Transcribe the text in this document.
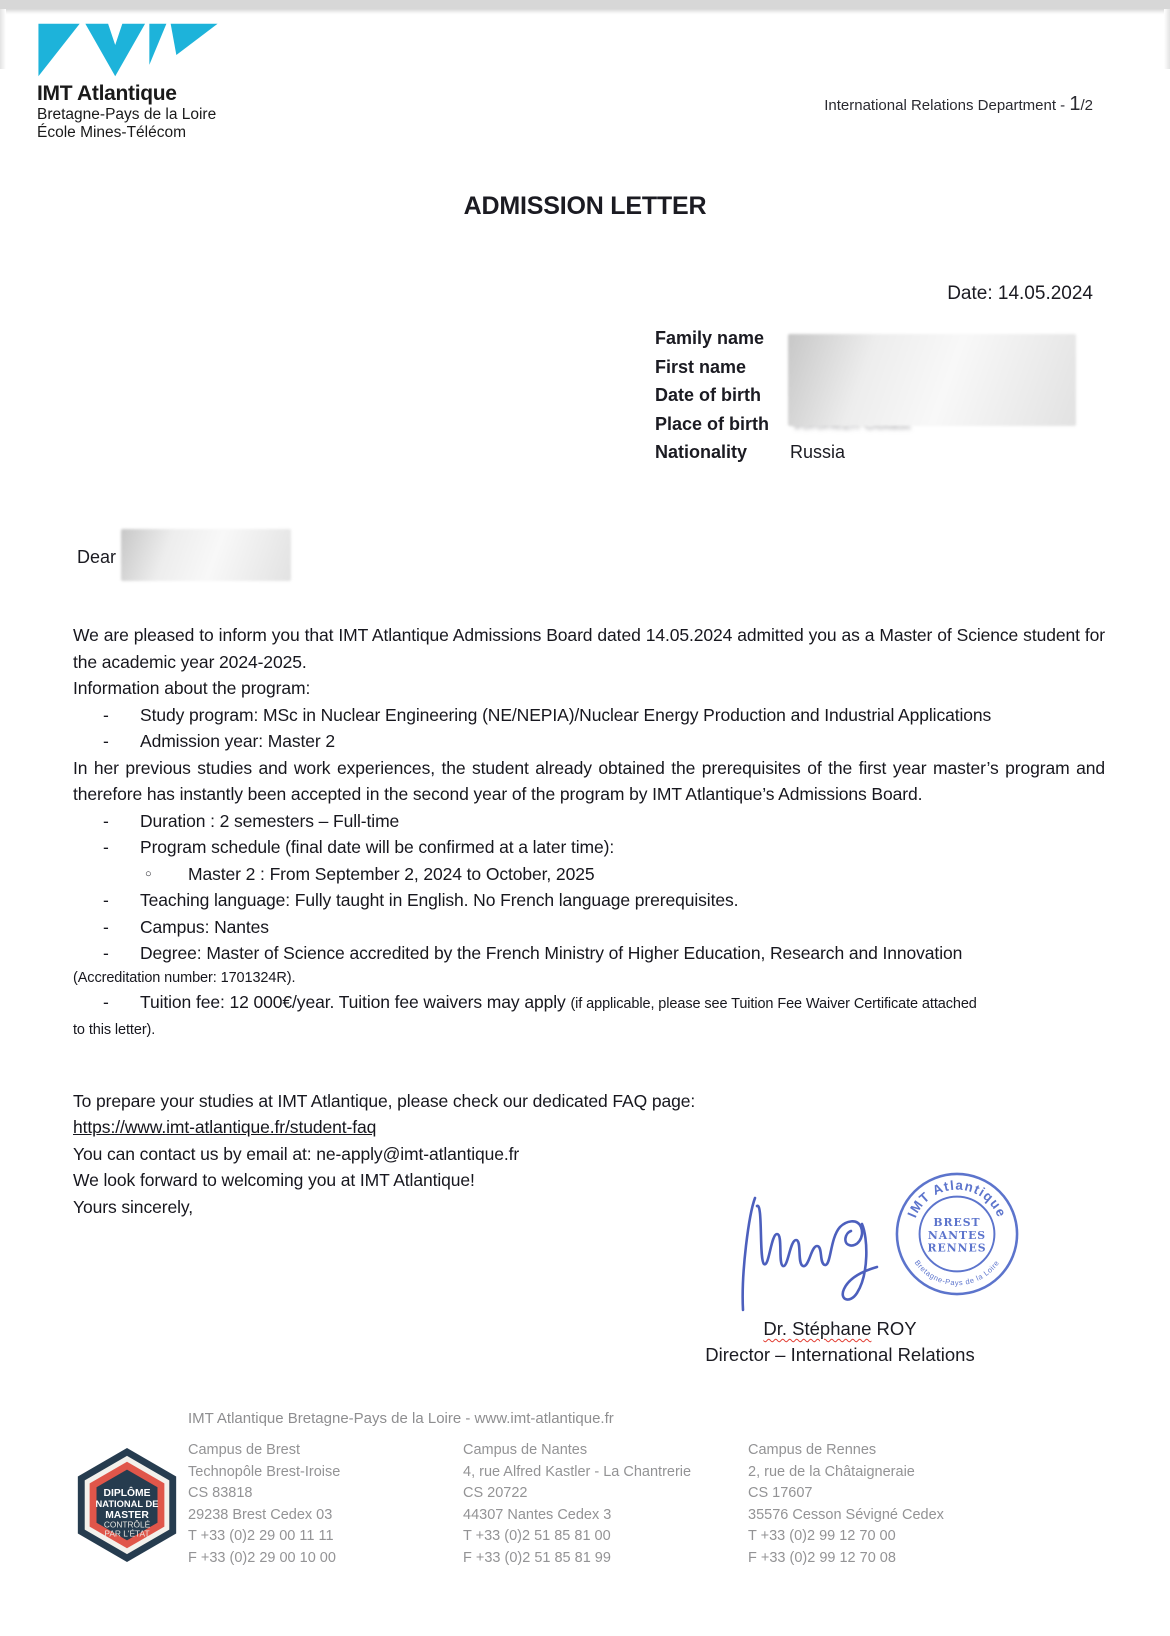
IMT Atlantique
Bretagne-Pays de la Loire
École Mines-Télécom
International Relations Department - 1/2
ADMISSION LETTER
Date: 14.05.2024
Family name
First name
Date of birth
Place of birth
Nationality	Russia
Dear

We are pleased to inform you that IMT Atlantique Admissions Board dated 14.05.2024 admitted you as a Master of Science student for the academic year 2024-2025.

Information about the program:

-	Study program: MSc in Nuclear Engineering (NE/NEPIA)/Nuclear Energy Production and Industrial Applications
-	Admission year: Master 2

In her previous studies and work experiences, the student already obtained the prerequisites of the first year master’s program and therefore has instantly been accepted in the second year of the program by IMT Atlantique’s Admissions Board.

-	Duration : 2 semesters – Full-time
-	Program schedule (final date will be confirmed at a later time):
○	Master 2 : From September 2, 2024 to October, 2025
-	Teaching language: Fully taught in English. No French language prerequisites.
-	Campus: Nantes
-	Degree: Master of Science accredited by the French Ministry of Higher Education, Research and Innovation

(Accreditation number: 1701324R).

-	Tuition fee: 12 000€/year. Tuition fee waivers may apply (if applicable, please see Tuition Fee Waiver Certificate attached

to this letter).

To prepare your studies at IMT Atlantique, please check our dedicated FAQ page:

https://www.imt-atlantique.fr/student-faq

You can contact us by email at: ne-apply@imt-atlantique.fr

We look forward to welcoming you at IMT Atlantique!

Yours sincerely,	IMT Atlantique
BREST
NANTES
RENNES
Bretagne-Pays de la Loire
Dr. Stéphane ROY
Director – International Relations
DIPLÔME
NATIONAL DE
MASTER
CONTRÔLÉ
PAR L'ÉTAT
IMT Atlantique Bretagne-Pays de la Loire - www.imt-atlantique.fr
Campus de Brest
Technopôle Brest-Iroise
CS 83818
29238 Brest Cedex 03
T +33 (0)2 29 00 11 11
F +33 (0)2 29 00 10 00
Campus de Nantes
4, rue Alfred Kastler - La Chantrerie
CS 20722
44307 Nantes Cedex 3
T +33 (0)2 51 85 81 00
F +33 (0)2 51 85 81 99
Campus de Rennes
2, rue de la Châtaigneraie
CS 17607
35576 Cesson Sévigné Cedex
T +33 (0)2 99 12 70 00
F +33 (0)2 99 12 70 08
